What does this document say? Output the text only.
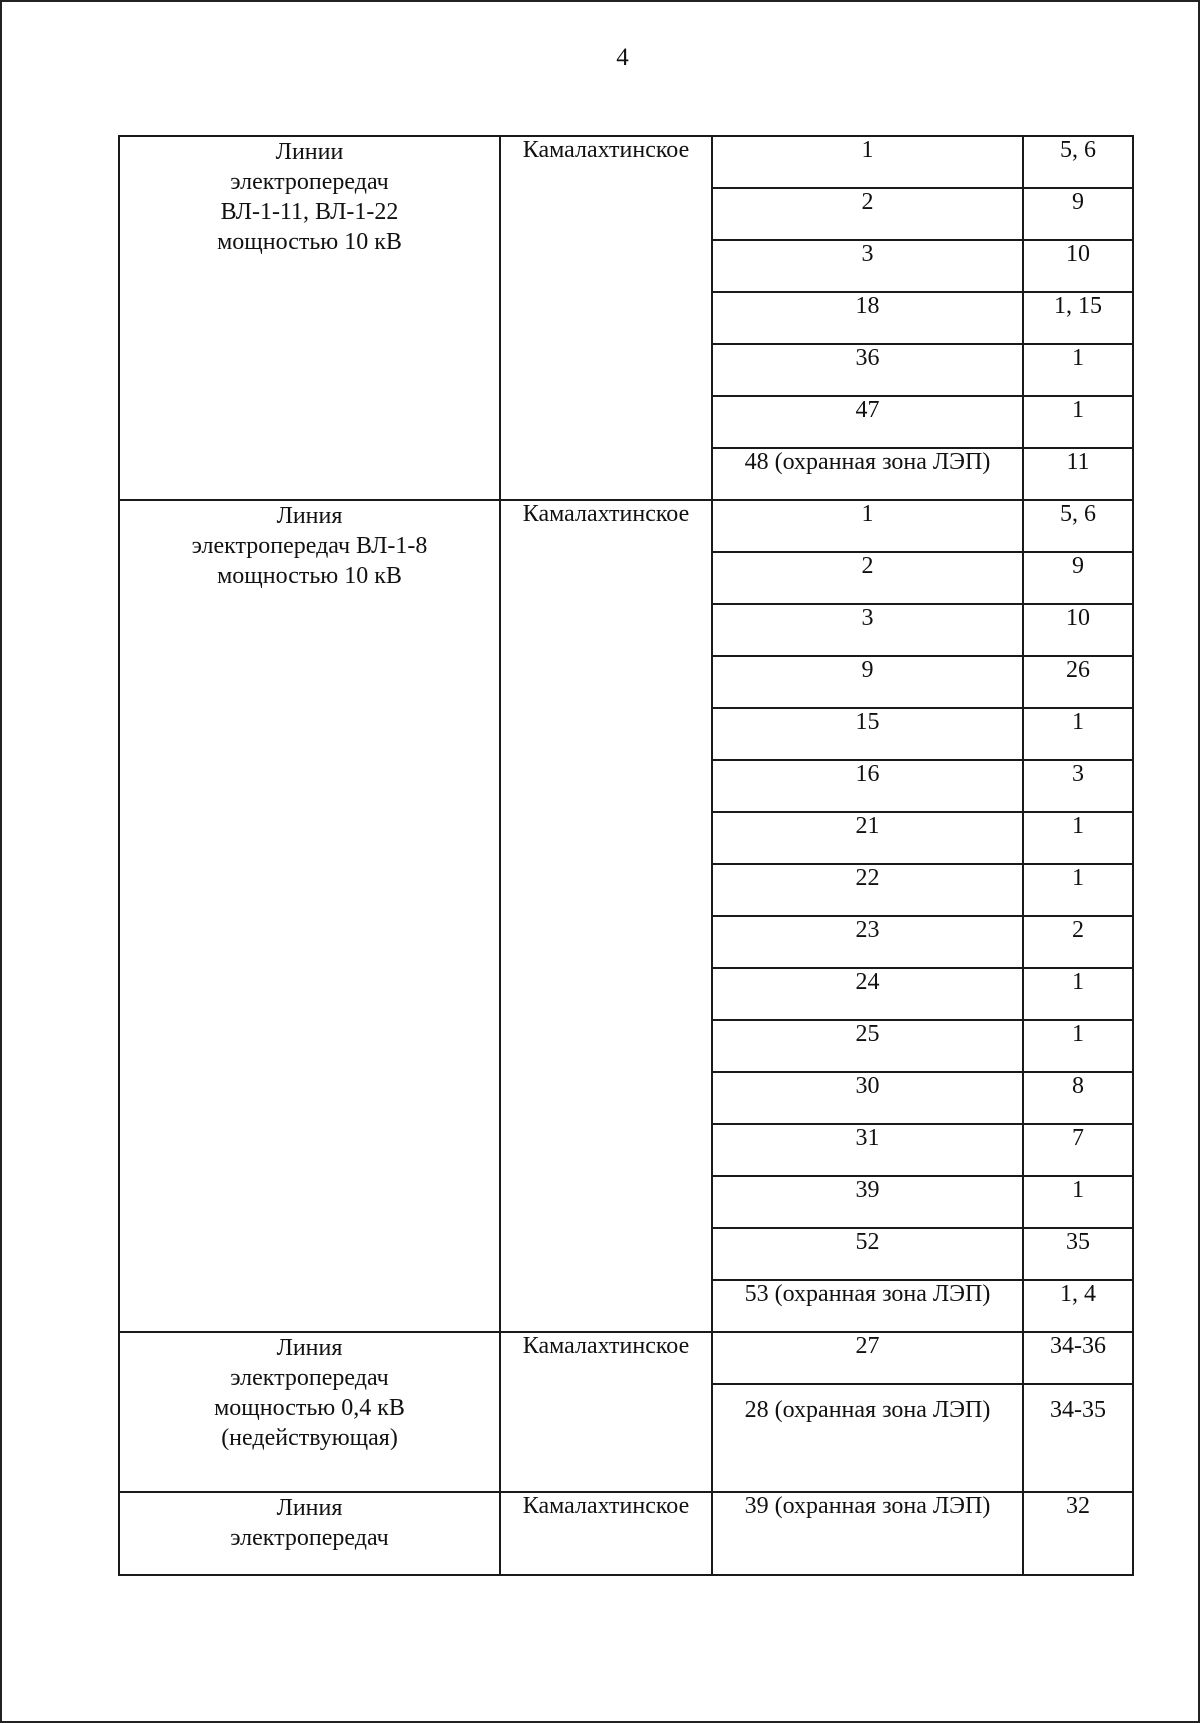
4
Линии
электропередач
ВЛ-1-11, ВЛ-1-22
мощностью 10 кВ	Камалахтинское	1	5, 6
		2	9
		3	10
		18	1, 15
		36	1
		47	1
		48 (охранная зона ЛЭП)	11

Линия
электропередач ВЛ-1-8
мощностью 10 кВ	Камалахтинское	1	5, 6
		2	9
		3	10
		9	26
		15	1
		16	3
		21	1
		22	1
		23	2
		24	1
		25	1
		30	8
		31	7
		39	1
		52	35
		53 (охранная зона ЛЭП)	1, 4

Линия
электропередач
мощностью 0,4 кВ
(недействующая)	Камалахтинское	27	34-36
		28 (охранная зона ЛЭП)	34-35

Линия
электропередач	Камалахтинское	39 (охранная зона ЛЭП)	32
